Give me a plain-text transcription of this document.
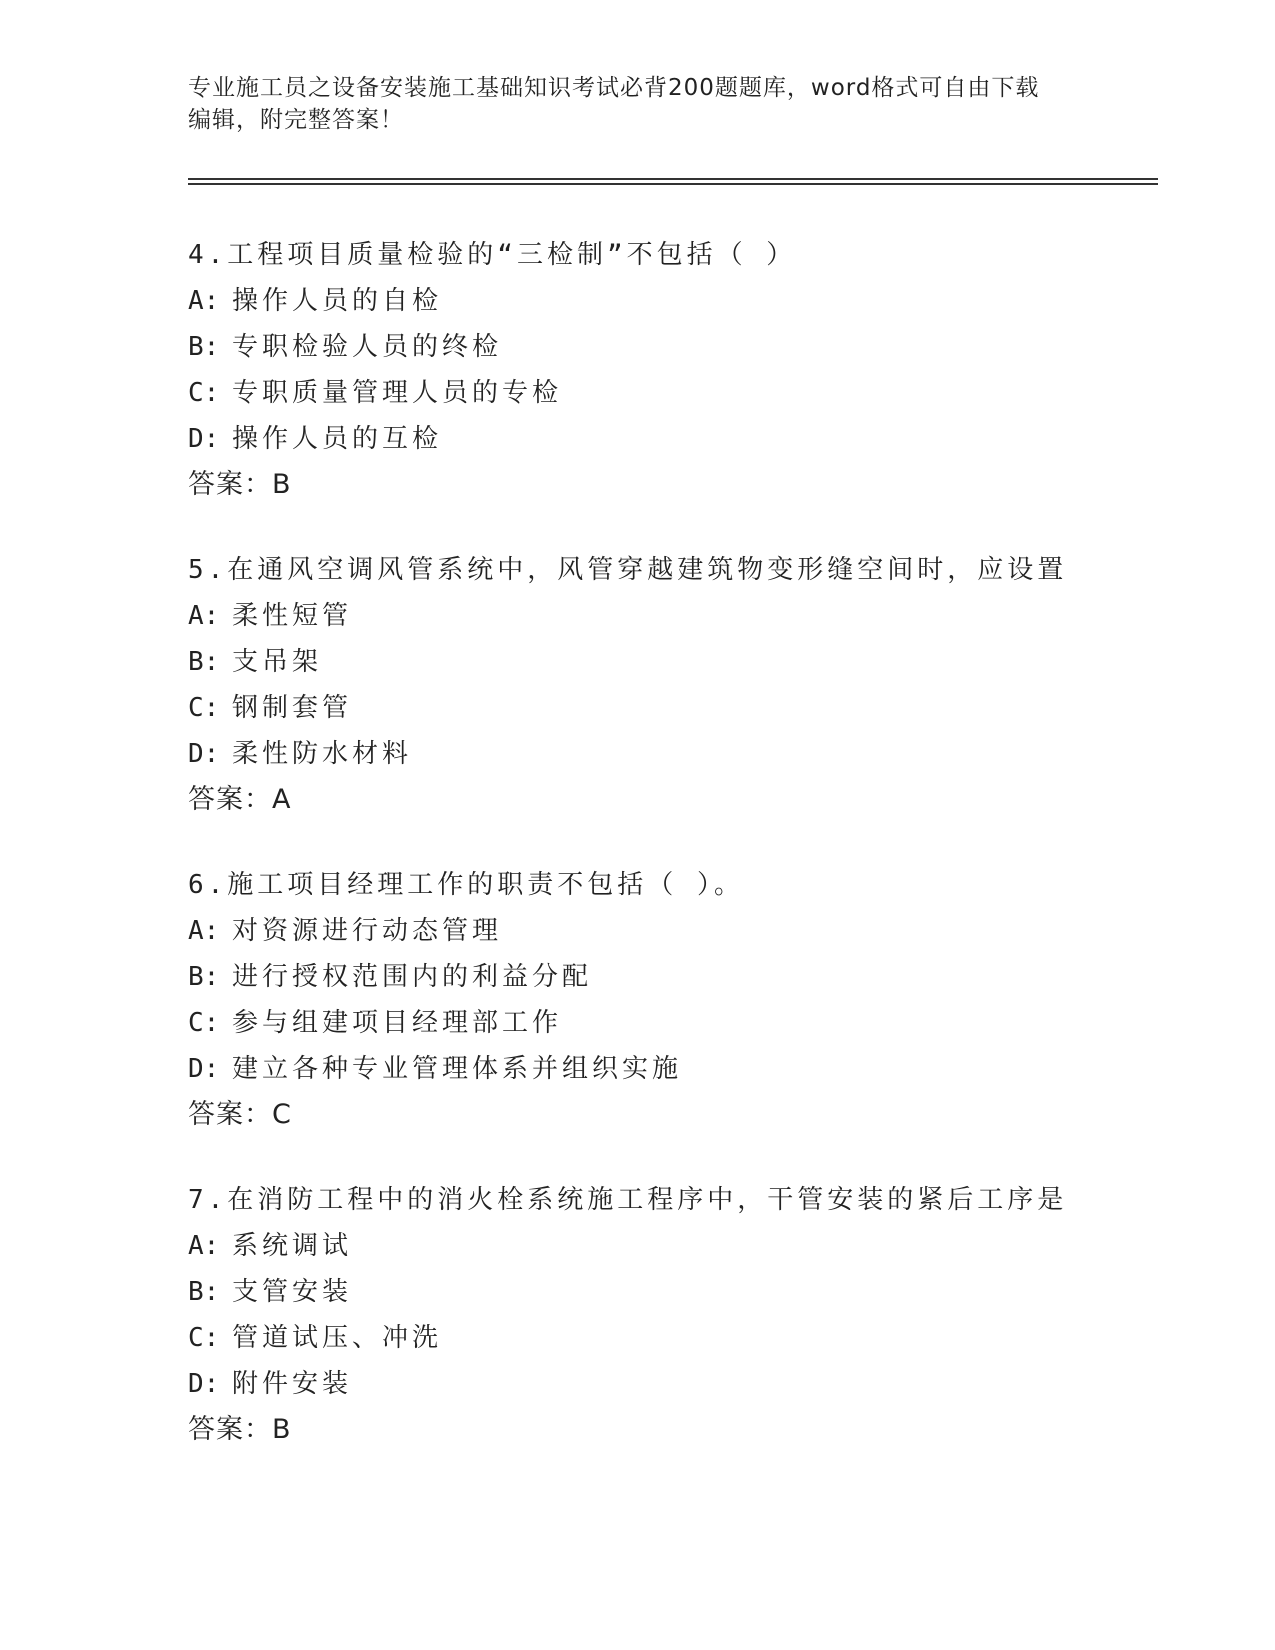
专业施工员之设备安装施工基础知识考试必背200题题库，word格式可自由下载
编辑，附完整答案！
4.工程项目质量检验的“三检制”不包括（ ）
A: 操作人员的自检
B: 专职检验人员的终检
C: 专职质量管理人员的专检
D: 操作人员的互检
答案：B
5.在通风空调风管系统中，风管穿越建筑物变形缝空间时，应设置
A: 柔性短管
B: 支吊架
C: 钢制套管
D: 柔性防水材料
答案：A
6.施工项目经理工作的职责不包括（ ）。
A: 对资源进行动态管理
B: 进行授权范围内的利益分配
C: 参与组建项目经理部工作
D: 建立各种专业管理体系并组织实施
答案：C
7.在消防工程中的消火栓系统施工程序中，干管安装的紧后工序是
A: 系统调试
B: 支管安装
C: 管道试压、冲洗
D: 附件安装
答案：B
